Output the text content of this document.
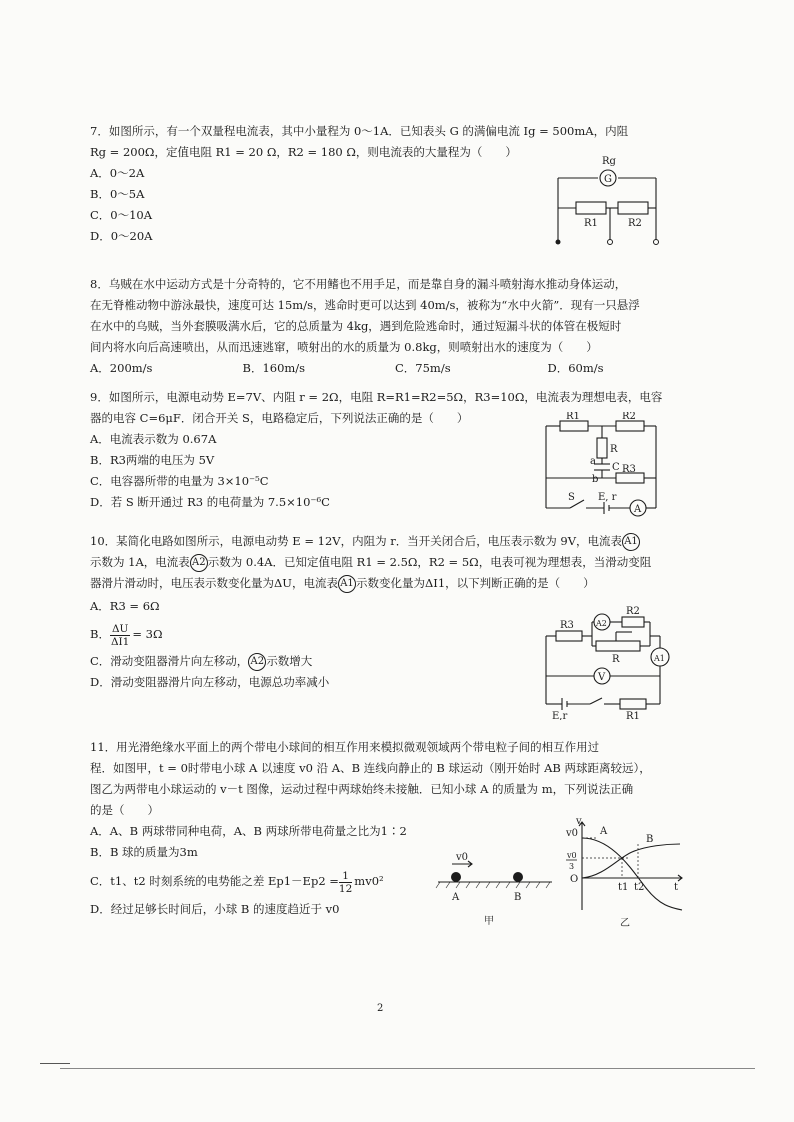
7．如图所示，有一个双量程电流表，其中小量程为 0～1A．已知表头 G 的满偏电流 Ig = 500mA，内阻
Rg = 200Ω，定值电阻 R1 = 20 Ω，R2 = 180 Ω，则电流表的大量程为（　　）
A．0～2A
B．0～5A
C．0～10A
D．0～20A
G
Rg
R1	R2
8．乌贼在水中运动方式是十分奇特的，它不用鳍也不用手足，而是靠自身的漏斗喷射海水推动身体运动，
在无脊椎动物中游泳最快，速度可达 15m/s，逃命时更可以达到 40m/s，被称为“水中火箭”．现有一只悬浮
在水中的乌贼，当外套膜吸满水后，它的总质量为 4kg，遇到危险逃命时，通过短漏斗状的体管在极短时
间内将水向后高速喷出，从而迅速逃窜，喷射出的水的质量为 0.8kg，则喷射出水的速度为（　　）
A．200m/s	B．160m/s	C．75m/s	D．60m/s
9．如图所示，电源电动势 E=7V、内阻 r = 2Ω，电阻 R=R1=R2=5Ω，R3=10Ω，电流表为理想电表，电容
器的电容 C=6μF．闭合开关 S，电路稳定后，下列说法正确的是（　　）
A．电流表示数为 0.67A
B．R3两端的电压为 5V
C．电容器所带的电量为 3×10⁻⁵C
D．若 S 断开通过 R3 的电荷量为 7.5×10⁻⁶C
A
R1	R2
R
C
a
b
R3
S E, r
10．某简化电路如图所示，电源电动势 E = 12V，内阻为 r．当开关闭合后，电压表示数为 9V，电流表 A1
示数为 1A，电流表 A2 示数为 0.4A．已知定值电阻 R1 = 2.5Ω，R2 = 5Ω，电表可视为理想表，当滑动变阻
器滑片滑动时，电压表示数变化量为ΔU，电流表 A1 示数变化量为ΔI1，以下判断正确的是（　　）
A．R3 = 6Ω
B． $\frac{\Delta U}{\Delta I1} = 3\Omega$
C．滑动变阻器滑片向左移动， A2 示数增大
D．滑动变阻器滑片向左移动，电源总功率减小
A2
R2
R3
R	A1
V
R1
E,r
11．用光滑绝缘水平面上的两个带电小球间的相互作用来模拟微观领域两个带电粒子间的相互作用过
程．如图甲，t = 0时带电小球 A 以速度 v0 沿 A、B 连线向静止的 B 球运动（刚开始时 AB 两球距离较远），
图乙为两带电小球运动的 v－t 图像，运动过程中两球始终未接触．已知小球 A 的质量为 m，下列说法正确
的是（　　）
A．A、B 两球带同种电荷，A、B 两球所带电荷量之比为1∶2
B．B 球的质量为3m
C．t1、t2 时刻系统的电势能之差 $Ep1-Ep2 = \frac{1}{12} mv0^2$
D．经过足够长时间后，小球 B 的速度趋近于 v0
v0
A	B
甲
v
v0
v0
3
O
A
B
t1 t2	t
乙
2
